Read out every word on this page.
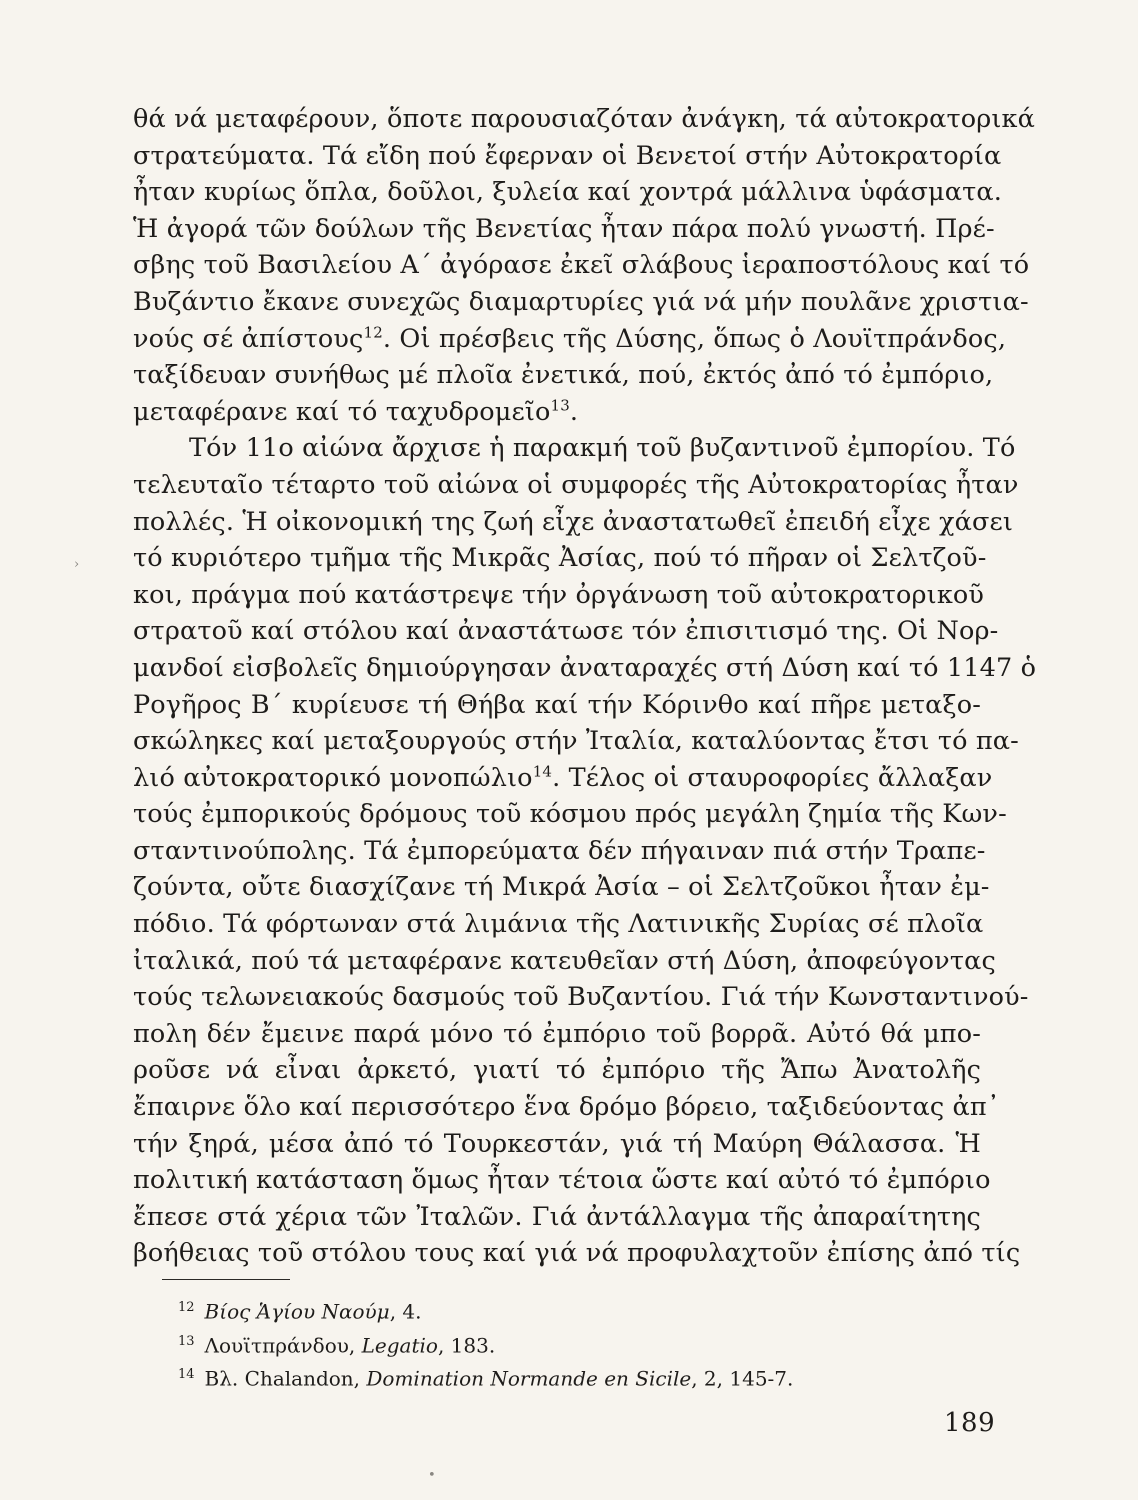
θά νά μεταφέρουν, ὅποτε παρουσιαζόταν ἀνάγκη, τά αὐτοκρατορικά
στρατεύματα. Τά εἴδη πού ἔφερναν οἱ Βενετοί στήν Αὐτοκρατορία
ἦταν κυρίως ὅπλα, δοῦλοι, ξυλεία καί χοντρά μάλλινα ὑφάσματα.
Ἡ ἀγορά τῶν δούλων τῆς Βενετίας ἦταν πάρα πολύ γνωστή. Πρέ-
σβης τοῦ Βασιλείου Α΄ ἀγόρασε ἐκεῖ σλάβους ἱεραποστόλους καί τό
Βυζάντιο ἔκανε συνεχῶς διαμαρτυρίες γιά νά μήν πουλᾶνε χριστια-
νούς σέ ἀπίστους$^{12}$. Οἱ πρέσβεις τῆς Δύσης, ὅπως ὁ Λουϊτπράνδος,
ταξίδευαν συνήθως μέ πλοῖα ἐνετικά, πού, ἐκτός ἀπό τό ἐμπόριο,
μεταφέρανε καί τό ταχυδρομεῖο$^{13}$.

Τόν 11ο αἰώνα ἄρχισε ἡ παρακμή τοῦ βυζαντινοῦ ἐμπορίου. Τό
τελευταῖο τέταρτο τοῦ αἰώνα οἱ συμφορές τῆς Αὐτοκρατορίας ἦταν
πολλές. Ἡ οἰκονομική της ζωή εἶχε ἀναστατωθεῖ ἐπειδή εἶχε χάσει
τό κυριότερο τμῆμα τῆς Μικρᾶς Ἀσίας, πού τό πῆραν οἱ Σελτζοῦ-
κοι, πράγμα πού κατάστρεψε τήν ὀργάνωση τοῦ αὐτοκρατορικοῦ
στρατοῦ καί στόλου καί ἀναστάτωσε τόν ἐπισιτισμό της. Οἱ Νορ-
μανδοί εἰσβολεῖς δημιούργησαν ἀναταραχές στή Δύση καί τό 1147 ὁ
Ρογῆρος Β΄ κυρίευσε τή Θήβα καί τήν Κόρινθο καί πῆρε μεταξο-
σκώληκες καί μεταξουργούς στήν Ἰταλία, καταλύοντας ἔτσι τό πα-
λιό αὐτοκρατορικό μονοπώλιο$^{14}$. Τέλος οἱ σταυροφορίες ἄλλαξαν
τούς ἐμπορικούς δρόμους τοῦ κόσμου πρός μεγάλη ζημία τῆς Κων-
σταντινούπολης. Τά ἐμπορεύματα δέν πήγαιναν πιά στήν Τραπε-
ζούντα, οὔτε διασχίζανε τή Μικρά Ἀσία – οἱ Σελτζοῦκοι ἦταν ἐμ-
πόδιο. Τά φόρτωναν στά λιμάνια τῆς Λατινικῆς Συρίας σέ πλοῖα
ἰταλικά, πού τά μεταφέρανε κατευθεῖαν στή Δύση, ἀποφεύγοντας
τούς τελωνειακούς δασμούς τοῦ Βυζαντίου. Γιά τήν Κωνσταντινού-
πολη δέν ἔμεινε παρά μόνο τό ἐμπόριο τοῦ βορρᾶ. Αὐτό θά μπο-
ροῦσε νά εἶναι ἀρκετό, γιατί τό ἐμπόριο τῆς Ἄπω Ἀνατολῆς
ἔπαιρνε ὅλο καί περισσότερο ἕνα δρόμο βόρειο, ταξιδεύοντας ἀπ᾽
τήν ξηρά, μέσα ἀπό τό Τουρκεστάν, γιά τή Μαύρη Θάλασσα. Ἡ
πολιτική κατάσταση ὅμως ἦταν τέτοια ὥστε καί αὐτό τό ἐμπόριο
ἔπεσε στά χέρια τῶν Ἰταλῶν. Γιά ἀντάλλαγμα τῆς ἀπαραίτητης
βοήθειας τοῦ στόλου τους καί γιά νά προφυλαχτοῦν ἐπίσης ἀπό τίς

$^{12}$ Βίος Ἁγίου Ναούμ, 4.
$^{13}$ Λουϊτπράνδου, Legatio, 183.
$^{14}$ Βλ. Chalandon, Domination Normande en Sicile, 2, 145-7.
189
›
•
